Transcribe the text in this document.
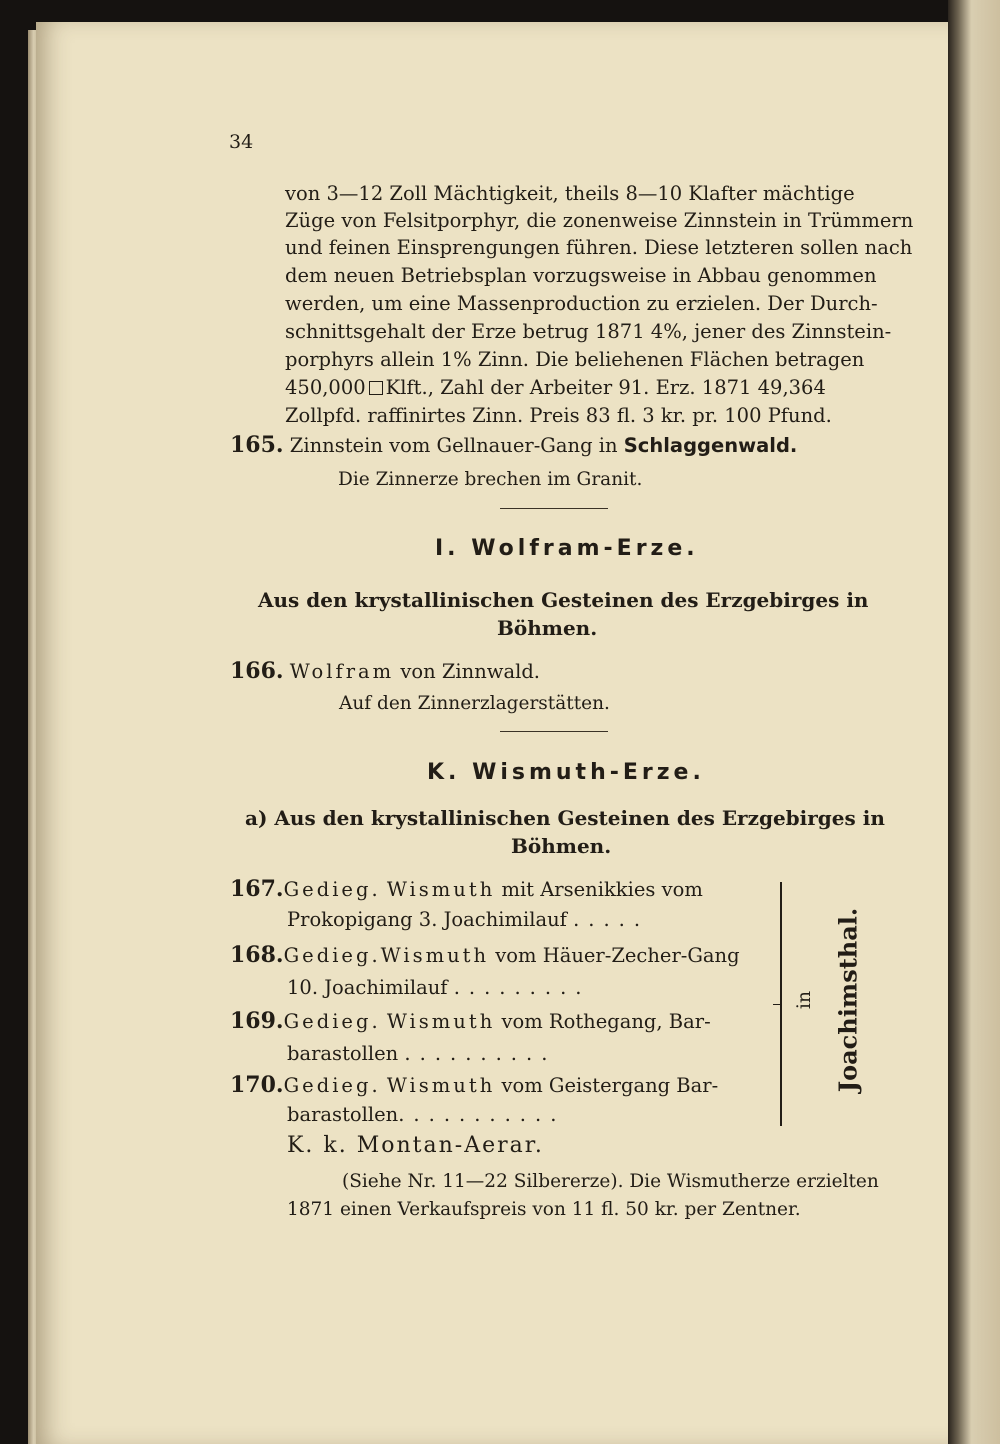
34
von 3—12 Zoll Mächtigkeit, theils 8—10 Klafter mächtige
Züge von Felsitporphyr, die zonenweise Zinnstein in Trümmern
und feinen Einsprengungen führen. Diese letzteren sollen nach
dem neuen Betriebsplan vorzugsweise in Abbau genommen
werden, um eine Massenproduction zu erzielen. Der Durch-
schnittsgehalt der Erze betrug 1871 4%, jener des Zinnstein-
porphyrs allein 1% Zinn. Die beliehenen Flächen betragen
450,000 Klft., Zahl der Arbeiter 91. Erz. 1871 49,364
Zollpfd. raffinirtes Zinn. Preis 83 fl. 3 kr. pr. 100 Pfund.
165. Zinnstein vom Gellnauer-Gang in Schlaggenwald.
Die Zinnerze brechen im Granit.
I. Wolfram-Erze.
Aus den krystallinischen Gesteinen des Erzgebirges in
Böhmen.
166. Wolfram von Zinnwald.
Auf den Zinnerzlagerstätten.
K. Wismuth-Erze.
a) Aus den krystallinischen Gesteinen des Erzgebirges in
Böhmen.
167.Gedieg. Wismuth mit Arsenikkies vom
Prokopigang 3. Joachimilauf .....
168.Gedieg.Wismuth vom Häuer-Zecher-Gang
10. Joachimilauf .........
169.Gedieg. Wismuth vom Rothegang, Bar-
barastollen ..........
170.Gedieg. Wismuth vom Geistergang Bar-
barastollen...........
in Joachimsthal.
K. k. Montan-Aerar.
(Siehe Nr. 11—22 Silbererze). Die Wismutherze erzielten
1871 einen Verkaufspreis von 11 fl. 50 kr. per Zentner.
